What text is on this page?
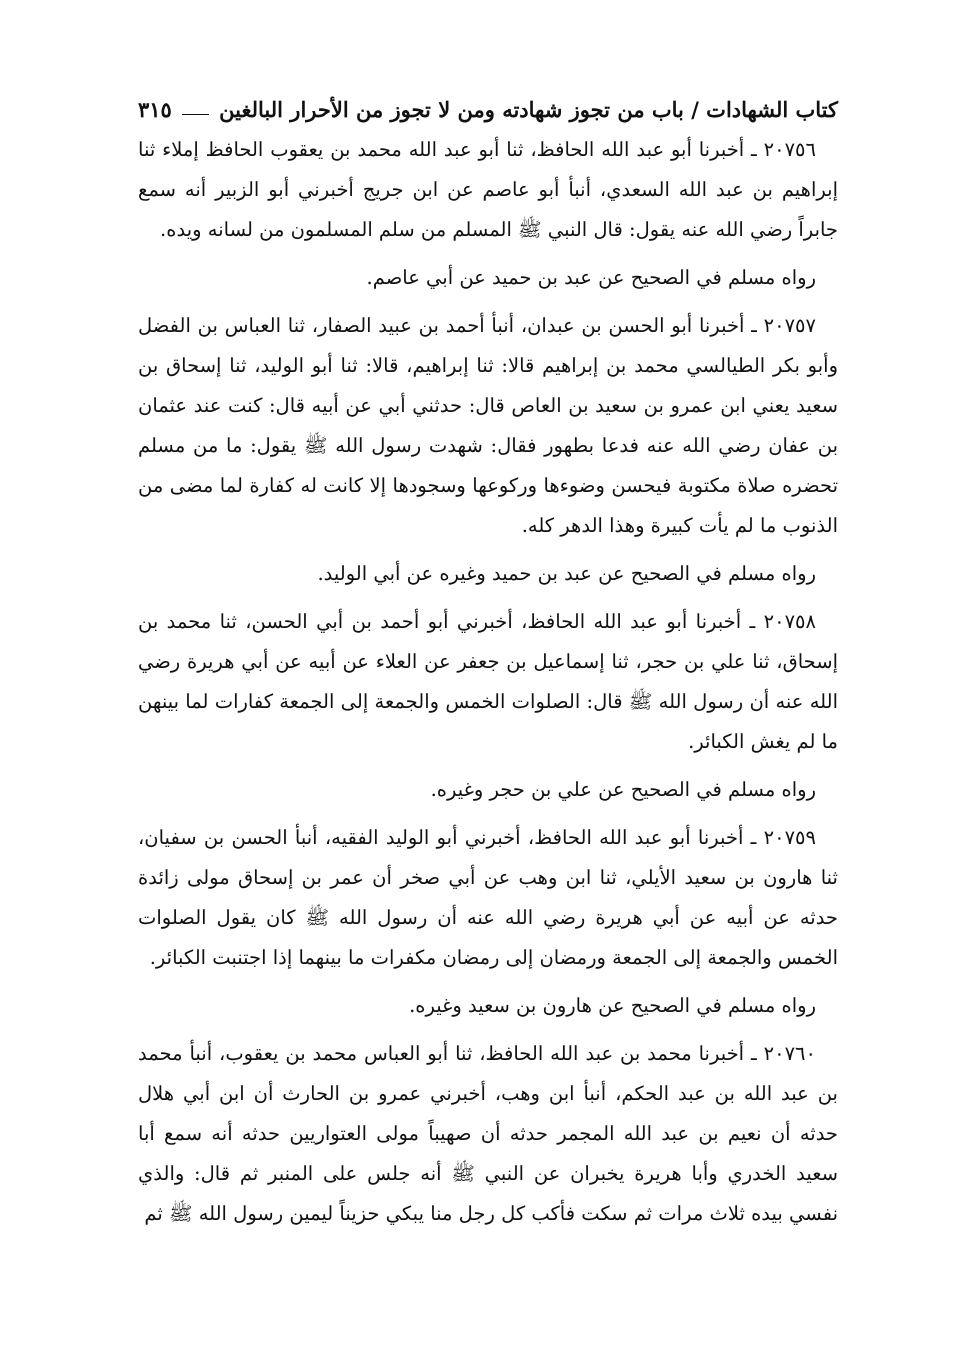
كتاب الشهادات / باب من تجوز شهادته ومن لا تجوز من الأحرار البالغين
٣١٥

٢٠٧٥٦ ـ أخبرنا أبو عبد الله الحافظ، ثنا أبو عبد الله محمد بن يعقوب الحافظ إملاء ثنا إبراهيم بن عبد الله السعدي، أنبأ أبو عاصم عن ابن جريج أخبرني أبو الزبير أنه سمع جابراً رضي الله عنه يقول: قال النبي ﷺ المسلم من سلم المسلمون من لسانه ويده.

رواه مسلم في الصحيح عن عبد بن حميد عن أبي عاصم.

٢٠٧٥٧ ـ أخبرنا أبو الحسن بن عبدان، أنبأ أحمد بن عبيد الصفار، ثنا العباس بن الفضل وأبو بكر الطيالسي محمد بن إبراهيم قالا: ثنا إبراهيم، قالا: ثنا أبو الوليد، ثنا إسحاق بن سعيد يعني ابن عمرو بن سعيد بن العاص قال: حدثني أبي عن أبيه قال: كنت عند عثمان بن عفان رضي الله عنه فدعا بطهور فقال: شهدت رسول الله ﷺ يقول: ما من مسلم تحضره صلاة مكتوبة فيحسن وضوءها وركوعها وسجودها إلا كانت له كفارة لما مضى من الذنوب ما لم يأت كبيرة وهذا الدهر كله.

رواه مسلم في الصحيح عن عبد بن حميد وغيره عن أبي الوليد.

٢٠٧٥٨ ـ أخبرنا أبو عبد الله الحافظ، أخبرني أبو أحمد بن أبي الحسن، ثنا محمد بن إسحاق، ثنا علي بن حجر، ثنا إسماعيل بن جعفر عن العلاء عن أبيه عن أبي هريرة رضي الله عنه أن رسول الله ﷺ قال: الصلوات الخمس والجمعة إلى الجمعة كفارات لما بينهن ما لم يغش الكبائر.

رواه مسلم في الصحيح عن علي بن حجر وغيره.

٢٠٧٥٩ ـ أخبرنا أبو عبد الله الحافظ، أخبرني أبو الوليد الفقيه، أنبأ الحسن بن سفيان، ثنا هارون بن سعيد الأيلي، ثنا ابن وهب عن أبي صخر أن عمر بن إسحاق مولى زائدة حدثه عن أبيه عن أبي هريرة رضي الله عنه أن رسول الله ﷺ كان يقول الصلوات الخمس والجمعة إلى الجمعة ورمضان إلى رمضان مكفرات ما بينهما إذا اجتنبت الكبائر.

رواه مسلم في الصحيح عن هارون بن سعيد وغيره.

٢٠٧٦٠ ـ أخبرنا محمد بن عبد الله الحافظ، ثنا أبو العباس محمد بن يعقوب، أنبأ محمد بن عبد الله بن عبد الحكم، أنبأ ابن وهب، أخبرني عمرو بن الحارث أن ابن أبي هلال حدثه أن نعيم بن عبد الله المجمر حدثه أن صهيباً مولى العتواريين حدثه أنه سمع أبا سعيد الخدري وأبا هريرة يخبران عن النبي ﷺ أنه جلس على المنبر ثم قال: والذي نفسي بيده ثلاث مرات ثم سكت فأكب كل رجل منا يبكي حزيناً ليمين رسول الله ﷺ ثم
